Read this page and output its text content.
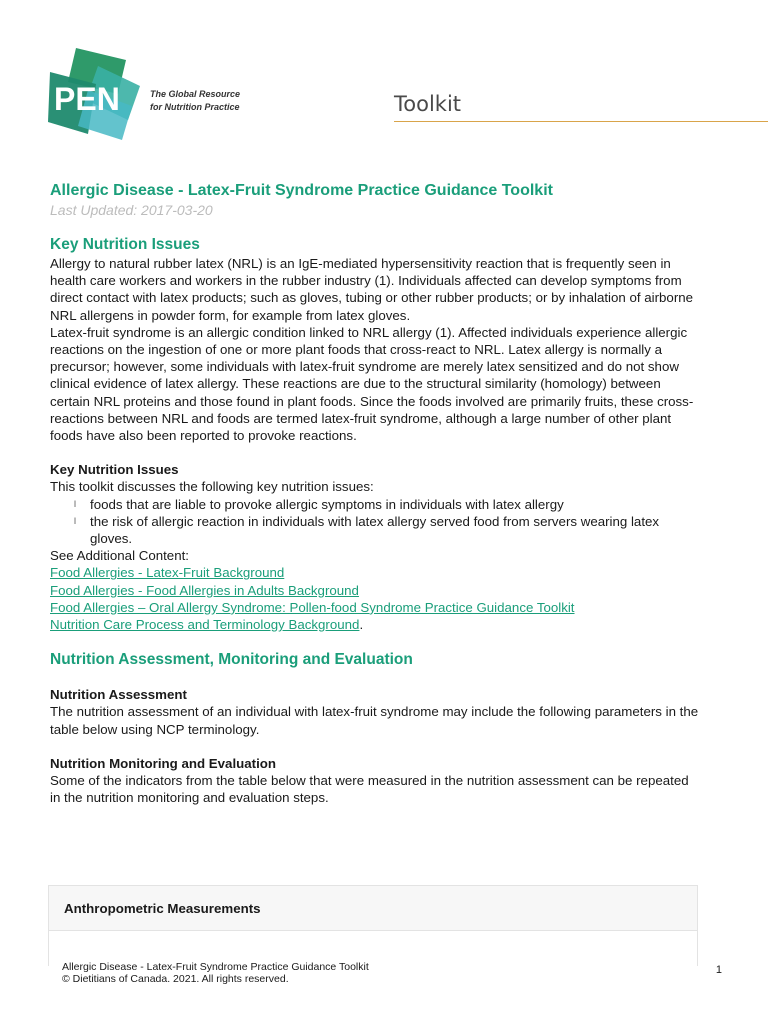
PEN	The Global Resource
for Nutrition Practice	Toolkit
Allergic Disease - Latex-Fruit Syndrome Practice Guidance Toolkit

Last Updated: 2017-03-20

Key Nutrition Issues

Allergy to natural rubber latex (NRL) is an IgE-mediated hypersensitivity reaction that is frequently seen in health care workers and workers in the rubber industry (1). Individuals affected can develop symptoms from direct contact with latex products; such as gloves, tubing or other rubber products; or by inhalation of airborne NRL allergens in powder form, for example from latex gloves.

Latex-fruit syndrome is an allergic condition linked to NRL allergy (1). Affected individuals experience allergic reactions on the ingestion of one or more plant foods that cross-react to NRL. Latex allergy is normally a precursor; however, some individuals with latex-fruit syndrome are merely latex sensitized and do not show clinical evidence of latex allergy. These reactions are due to the structural similarity (homology) between certain NRL proteins and those found in plant foods. Since the foods involved are primarily fruits, these cross-reactions between NRL and foods are termed latex-fruit syndrome, although a large number of other plant foods have also been reported to provoke reactions.

Key Nutrition Issues

This toolkit discusses the following key nutrition issues:

l foods that are liable to provoke allergic symptoms in individuals with latex allergy
l the risk of allergic reaction in individuals with latex allergy served food from servers wearing latex gloves.

See Additional Content:

Food Allergies - Latex-Fruit Background
Food Allergies - Food Allergies in Adults Background
Food Allergies – Oral Allergy Syndrome: Pollen-food Syndrome Practice Guidance Toolkit
Nutrition Care Process and Terminology Background.
Nutrition Assessment, Monitoring and Evaluation

Nutrition Assessment

The nutrition assessment of an individual with latex-fruit syndrome may include the following parameters in the table below using NCP terminology.

Nutrition Monitoring and Evaluation

Some of the indicators from the table below that were measured in the nutrition assessment can be repeated in the nutrition monitoring and evaluation steps.

Anthropometric Measurements
Allergic Disease - Latex-Fruit Syndrome Practice Guidance Toolkit
© Dietitians of Canada. 2021. All rights reserved.
1
